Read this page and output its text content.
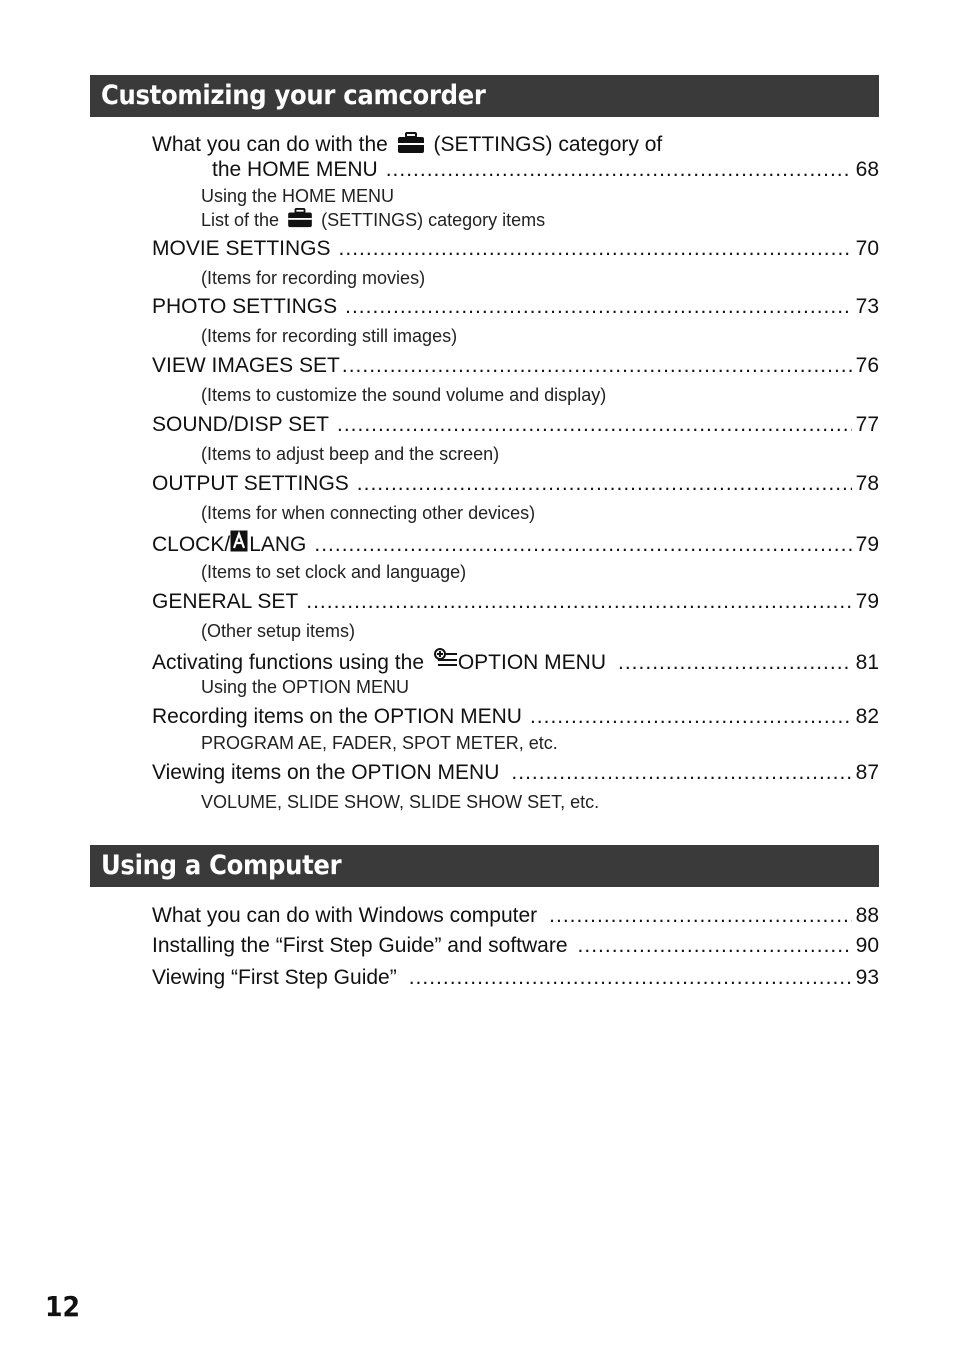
Customizing your camcorder
What you can do with the (SETTINGS) category of
the HOME MENU .....	68
Using the HOME MENU
List of the (SETTINGS) category items
MOVIE SETTINGS .....	70
(Items for recording movies)
PHOTO SETTINGS .....	73
(Items for recording still images)
VIEW IMAGES SET .....	76
(Items to customize the sound volume and display)
SOUND/DISP SET .....	77
(Items to adjust beep and the screen)
OUTPUT SETTINGS .....	78
(Items for when connecting other devices)
CLOCK/ LANG .....	79
(Items to set clock and language)
GENERAL SET .....	79
(Other setup items)
Activating functions using the OPTION MENU .....	81
Using the OPTION MENU
Recording items on the OPTION MENU .....	82
PROGRAM AE, FADER, SPOT METER, etc.
Viewing items on the OPTION MENU .....	87
VOLUME, SLIDE SHOW, SLIDE SHOW SET, etc.
Using a Computer
What you can do with Windows computer .....	88
Installing the “First Step Guide” and software .....	90
Viewing “First Step Guide” .....	93
12
